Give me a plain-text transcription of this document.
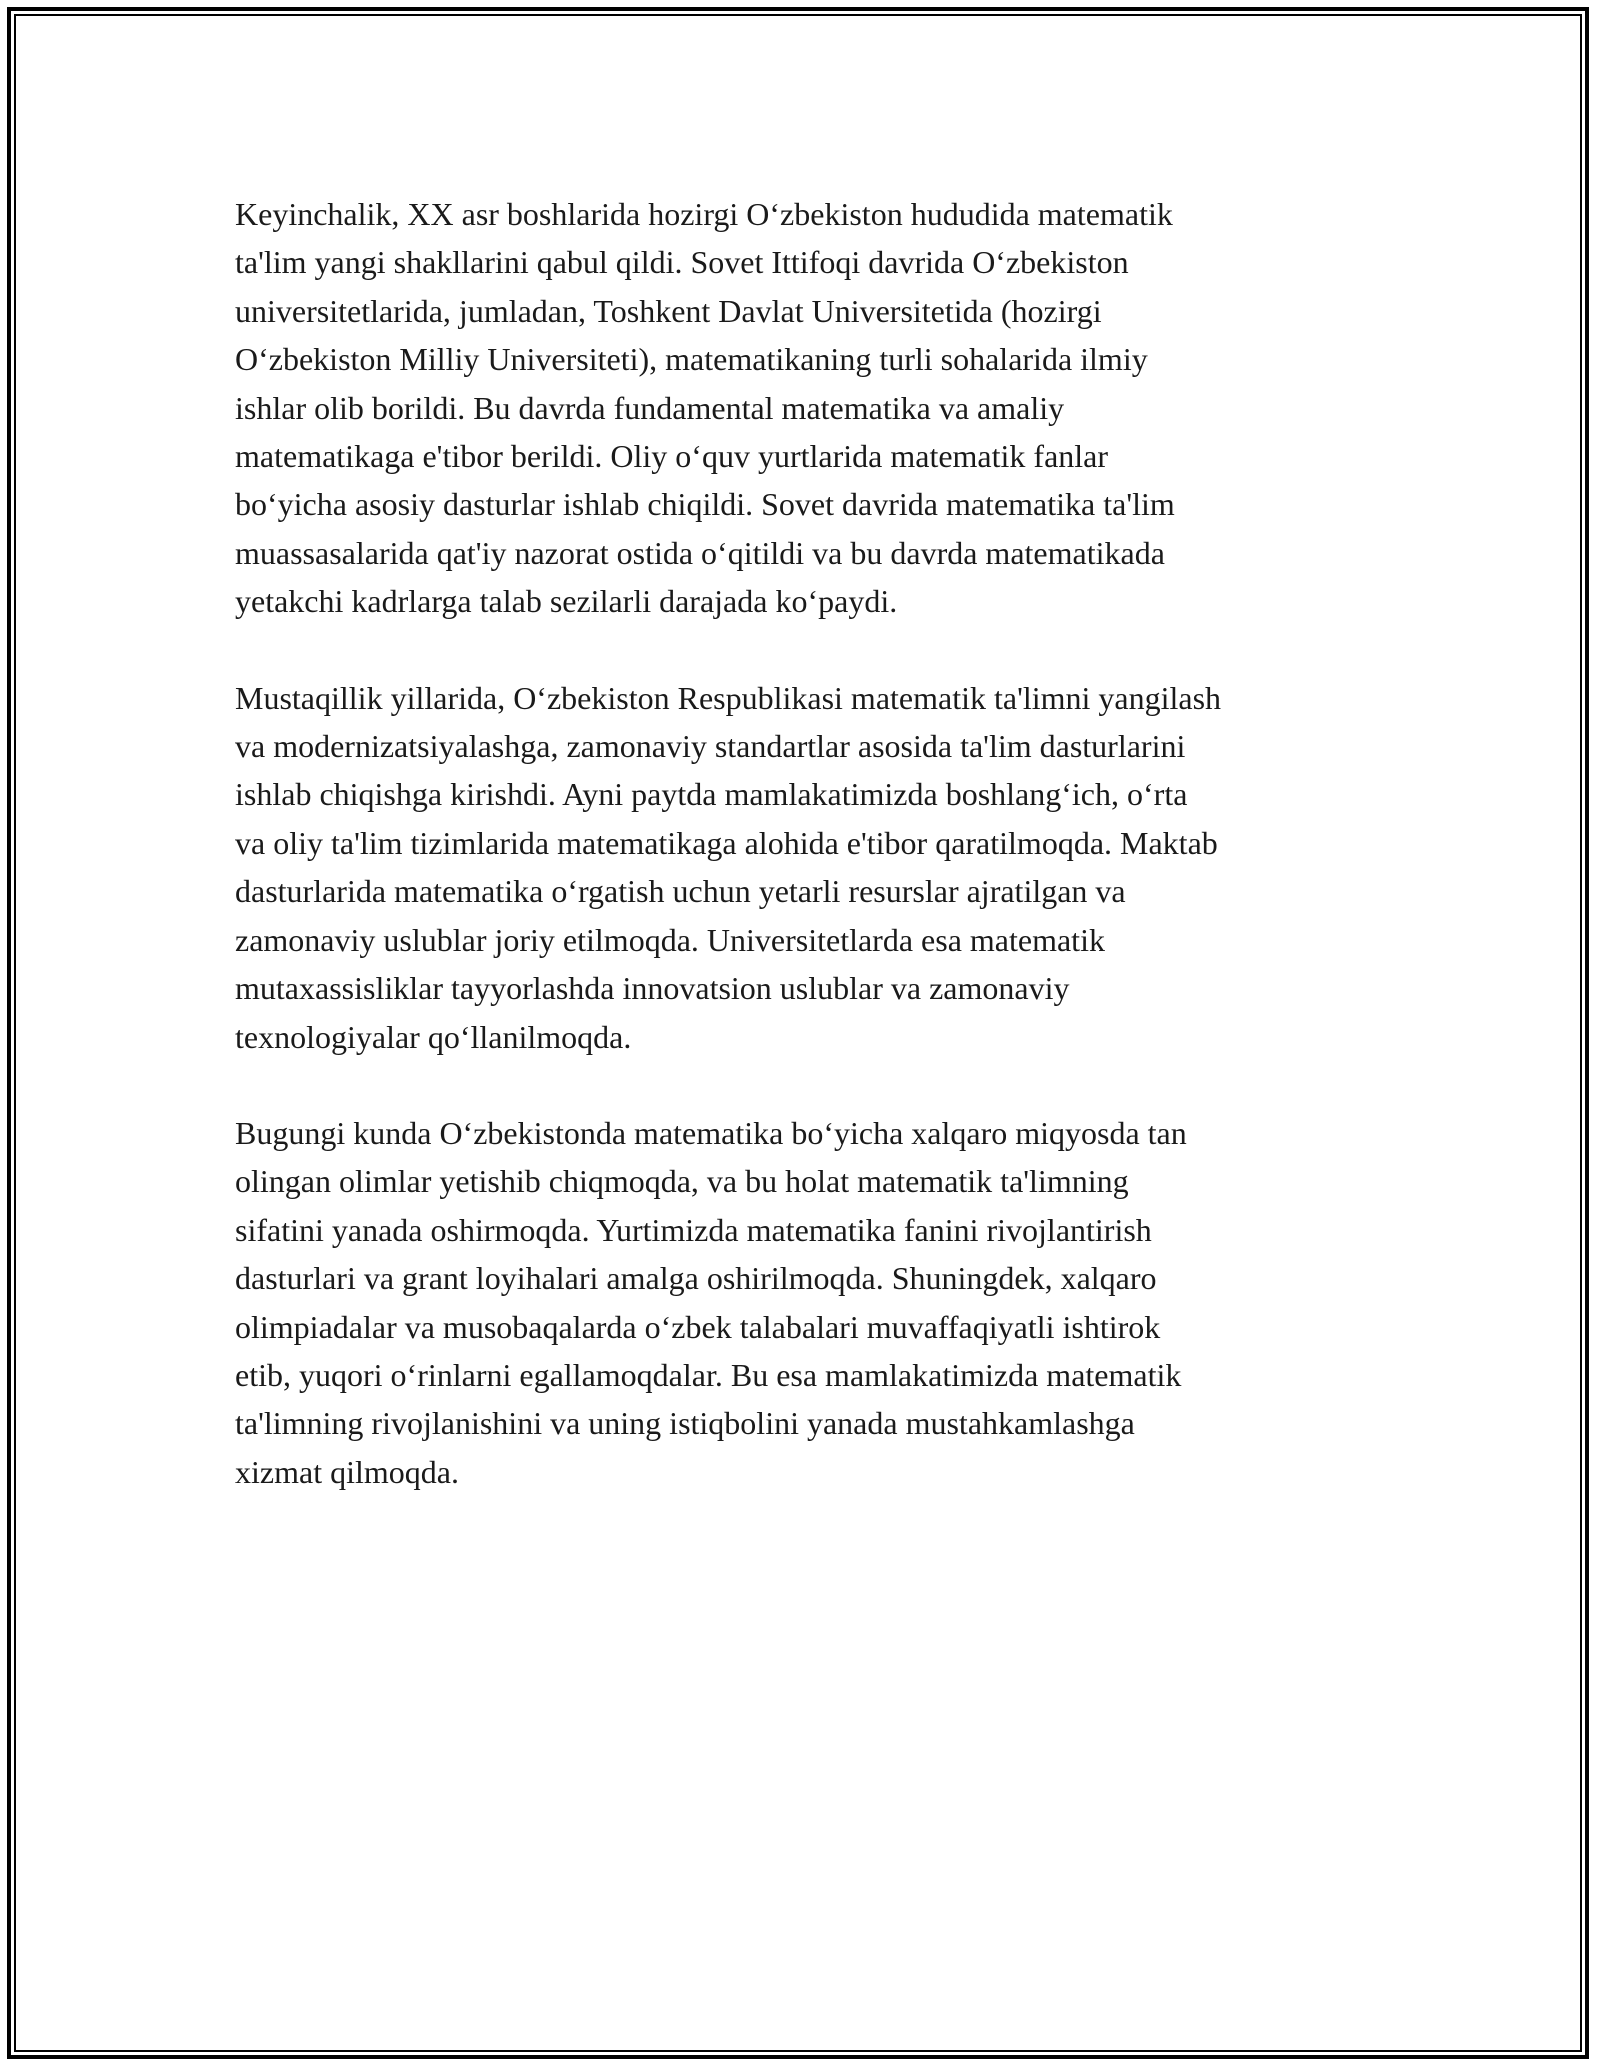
Keyinchalik, XX asr boshlarida hozirgi O‘zbekiston hududida matematik
ta'lim yangi shakllarini qabul qildi. Sovet Ittifoqi davrida O‘zbekiston
universitetlarida, jumladan, Toshkent Davlat Universitetida (hozirgi
O‘zbekiston Milliy Universiteti), matematikaning turli sohalarida ilmiy
ishlar olib borildi. Bu davrda fundamental matematika va amaliy
matematikaga e'tibor berildi. Oliy o‘quv yurtlarida matematik fanlar
bo‘yicha asosiy dasturlar ishlab chiqildi. Sovet davrida matematika ta'lim
muassasalarida qat'iy nazorat ostida o‘qitildi va bu davrda matematikada
yetakchi kadrlarga talab sezilarli darajada ko‘paydi.

Mustaqillik yillarida, O‘zbekiston Respublikasi matematik ta'limni yangilash
va modernizatsiyalashga, zamonaviy standartlar asosida ta'lim dasturlarini
ishlab chiqishga kirishdi. Ayni paytda mamlakatimizda boshlang‘ich, o‘rta
va oliy ta'lim tizimlarida matematikaga alohida e'tibor qaratilmoqda. Maktab
dasturlarida matematika o‘rgatish uchun yetarli resurslar ajratilgan va
zamonaviy uslublar joriy etilmoqda. Universitetlarda esa matematik
mutaxassisliklar tayyorlashda innovatsion uslublar va zamonaviy
texnologiyalar qo‘llanilmoqda.

Bugungi kunda O‘zbekistonda matematika bo‘yicha xalqaro miqyosda tan
olingan olimlar yetishib chiqmoqda, va bu holat matematik ta'limning
sifatini yanada oshirmoqda. Yurtimizda matematika fanini rivojlantirish
dasturlari va grant loyihalari amalga oshirilmoqda. Shuningdek, xalqaro
olimpiadalar va musobaqalarda o‘zbek talabalari muvaffaqiyatli ishtirok
etib, yuqori o‘rinlarni egallamoqdalar. Bu esa mamlakatimizda matematik
ta'limning rivojlanishini va uning istiqbolini yanada mustahkamlashga
xizmat qilmoqda.
